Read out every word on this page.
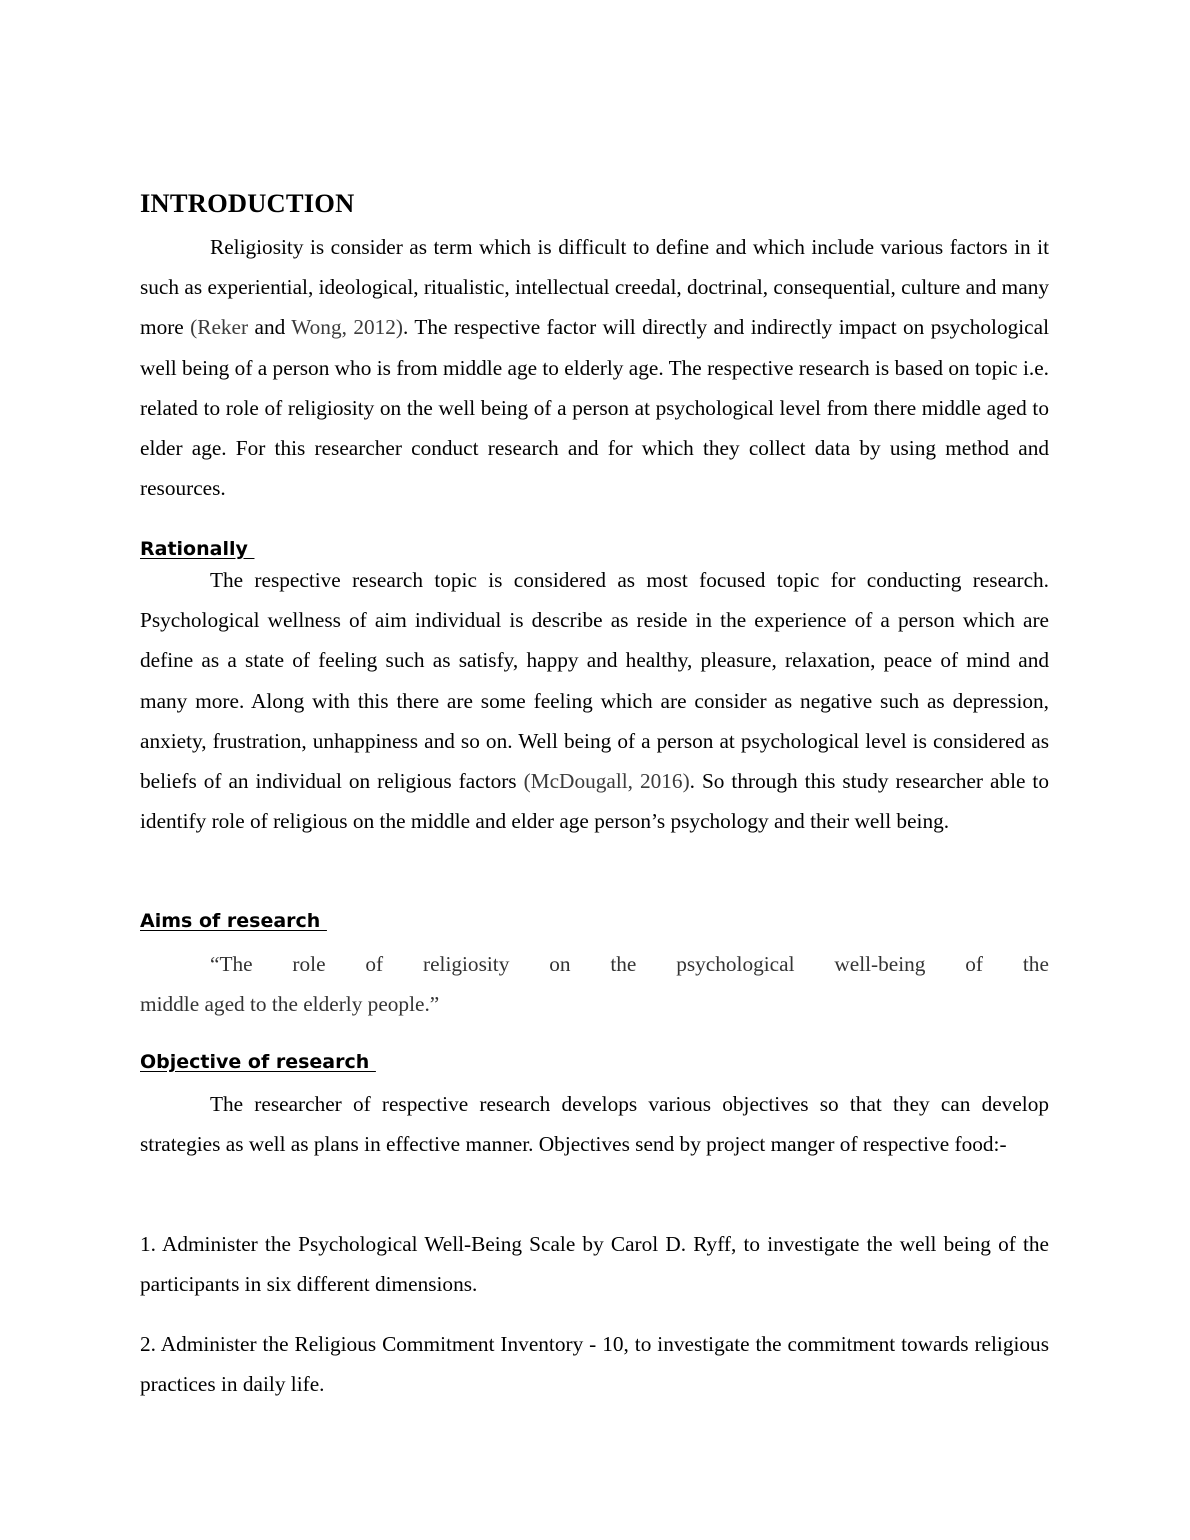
INTRODUCTION

Religiosity is consider as term which is difficult to define and which include various factors in it such as experiential, ideological, ritualistic, intellectual creedal, doctrinal, consequential, culture and many more (Reker and Wong, 2012). The respective factor will directly and indirectly impact on psychological well being of a person who is from middle age to elderly age. The respective research is based on topic i.e. related to role of religiosity on the well being of a person at psychological level from there middle aged to elder age. For this researcher conduct research and for which they collect data by using method and resources.

Rationally

The respective research topic is considered as most focused topic for conducting research. Psychological wellness of aim individual is describe as reside in the experience of a person which are define as a state of feeling such as satisfy, happy and healthy, pleasure, relaxation, peace of mind and many more. Along with this there are some feeling which are consider as negative such as depression, anxiety, frustration, unhappiness and so on. Well being of a person at psychological level is considered as beliefs of an individual on religious factors (McDougall, 2016). So through this study researcher able to identify role of religious on the middle and elder age person’s psychology and their well being.

Aims of research
“The role of religiosity on the psychological well-being of the
middle aged to the elderly people.”
Objective of research

The researcher of respective research develops various objectives so that they can develop strategies as well as plans in effective manner. Objectives send by project manger of respective food:-

1. Administer the Psychological Well-Being Scale by Carol D. Ryff, to investigate the well being of the participants in six different dimensions.

2. Administer the Religious Commitment Inventory - 10, to investigate the commitment towards religious practices in daily life.
